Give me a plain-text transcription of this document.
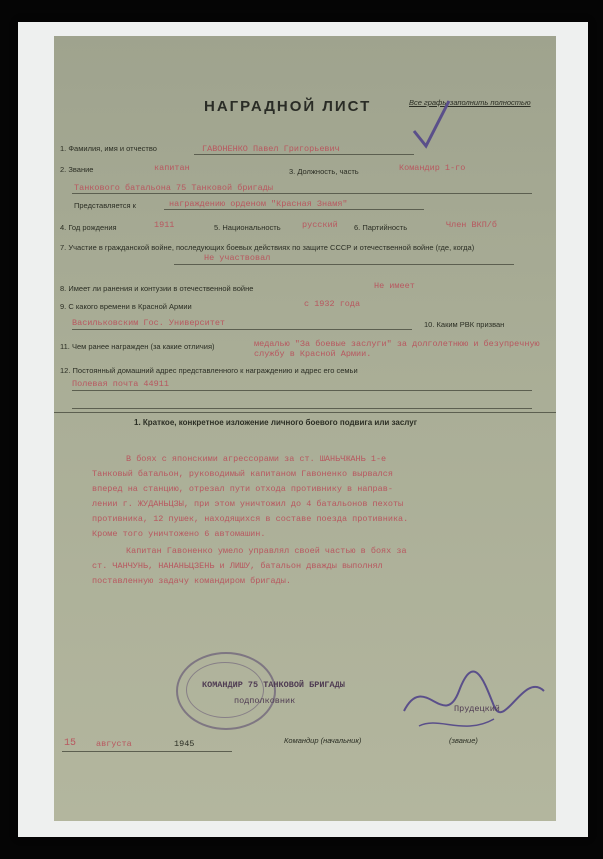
Все графы заполнить полностью
НАГРАДНОЙ ЛИСТ
1. Фамилия, имя и отчество	ГАВОНЕНКО Павел Григорьевич
2. Звание	капитан	3. Должность, часть	Командир 1-го
Танкового батальона 75 Танковой бригады
Представляется к	награждению орденом "Красная Знамя"
4. Год рождения	1911	5. Национальность	русский 6. Партийность	Член ВКП/б
7. Участие в гражданской войне, последующих боевых действиях по защите СССР и отечественной войне (где, когда)
Не участвовал
8. Имеет ли ранения и контузии в отечественной войне	Не имеет
9. С какого времени в Красной Армии	с 1932 года
Васильковским Гос. Университет	10. Каким РВК призван
11. Чем ранее награжден (за какие отличия)	медалью "За боевые заслуги" за долголетнюю и безупречную службу в Красной Армии.
12. Постоянный домашний адрес представленного к награждению и адрес его семьи
Полевая почта 44911
1. Краткое, конкретное изложение личного боевого подвига или заслуг
В боях с японскими агрессорами за ст. ШАНЬЧЖАНЬ 1-е
Танковый батальон, руководимый капитаном Гавоненко вырвался
вперед на станцию, отрезал пути отхода противнику в направ-
лении г. ЖУДАНЬЦЗЫ, при этом уничтожил до 4 батальонов пехоты
противника, 12 пушек, находящихся в составе поезда противника.
Кроме того уничтожено 6 автомашин.
Капитан Гавоненко умело управлял своей частью в боях за
ст. ЧАНЧУНЬ, НАНАНЬЦЗЕНЬ и ЛИШУ, батальон дважды выполнял
поставленную задачу командиром бригады.
КОМАНДИР 75 ТАНКОВОЙ БРИГАДЫ
подполковник
Прудецкий
15 августа	1945	Командир (начальник)	(звание)
